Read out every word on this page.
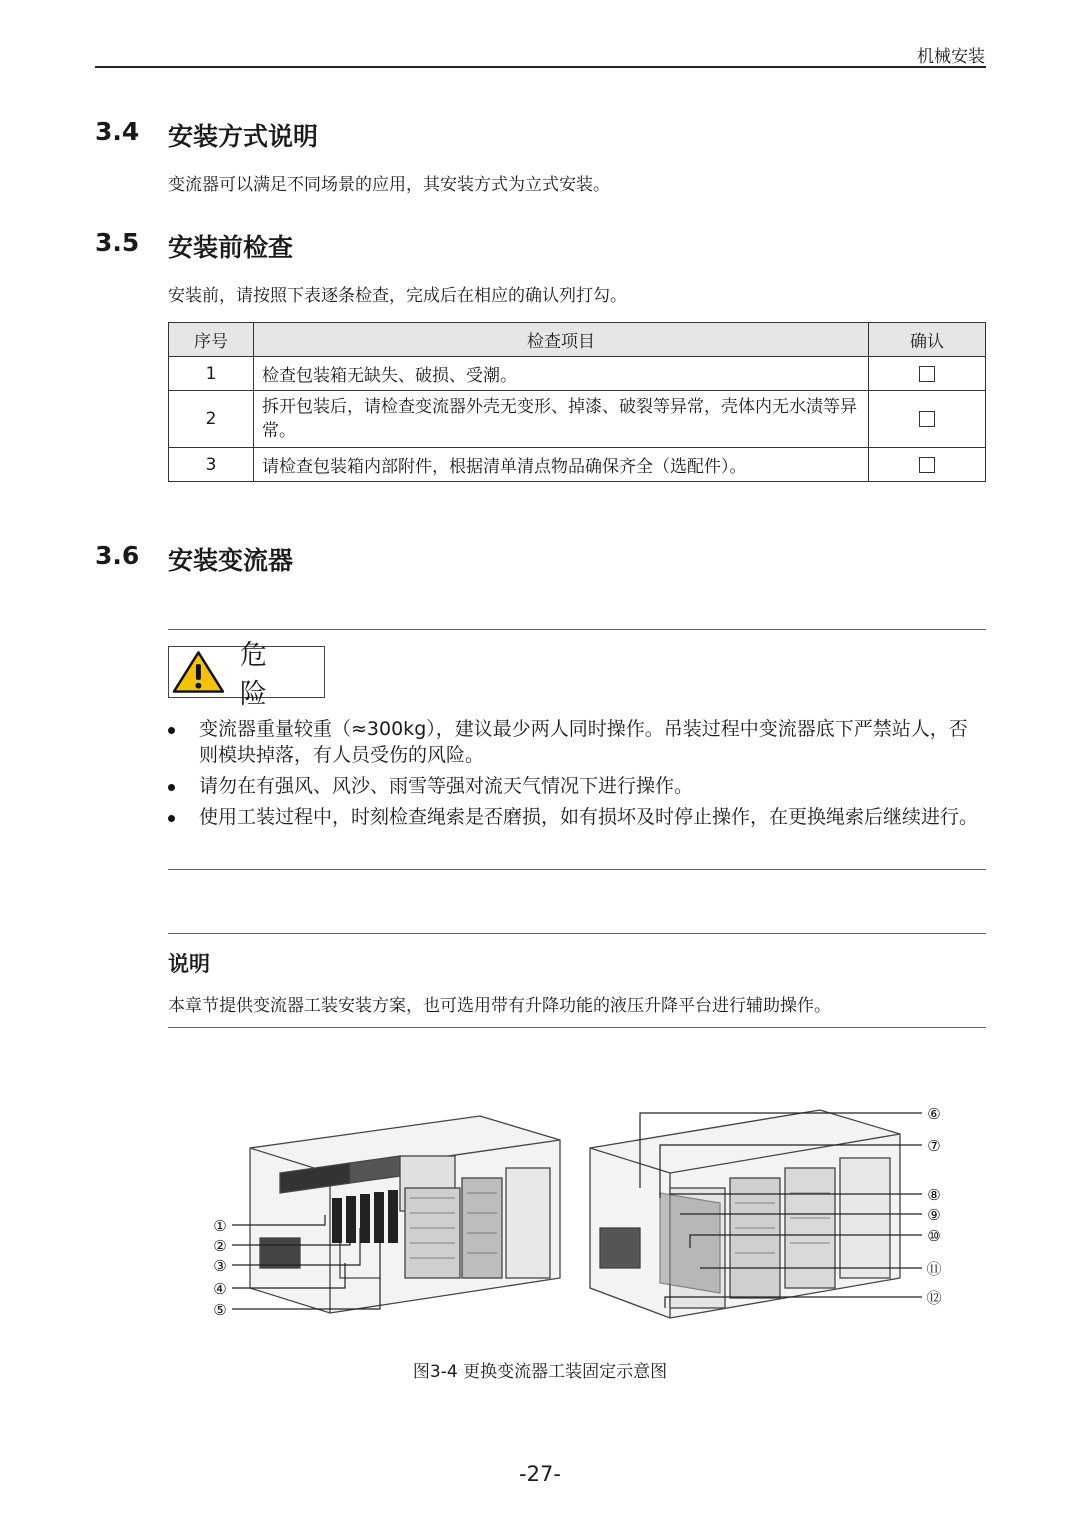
机械安装
3.4 安装方式说明
变流器可以满足不同场景的应用，其安装方式为立式安装。
3.5 安装前检查
安装前，请按照下表逐条检查，完成后在相应的确认列打勾。
序号	检查项目	确认
1	检查包装箱无缺失、破损、受潮。	
2	拆开包装后，请检查变流器外壳无变形、掉漆、破裂等异常，壳体内无水渍等异常。	
3	请检查包装箱内部附件，根据清单清点物品确保齐全（选配件）。	
3.6 安装变流器
危险
变流器重量较重（≈300kg），建议最少两人同时操作。吊装过程中变流器底下严禁站人，否则模块掉落，有人员受伤的风险。
请勿在有强风、风沙、雨雪等强对流天气情况下进行操作。
使用工装过程中，时刻检查绳索是否磨损，如有损坏及时停止操作，在更换绳索后继续进行。
说明
本章节提供变流器工装安装方案，也可选用带有升降功能的液压升降平台进行辅助操作。
①
②
③
④
⑤
⑥
⑦
⑧
⑨
⑩
⑪
⑫
图3-4 更换变流器工装固定示意图
-27-
